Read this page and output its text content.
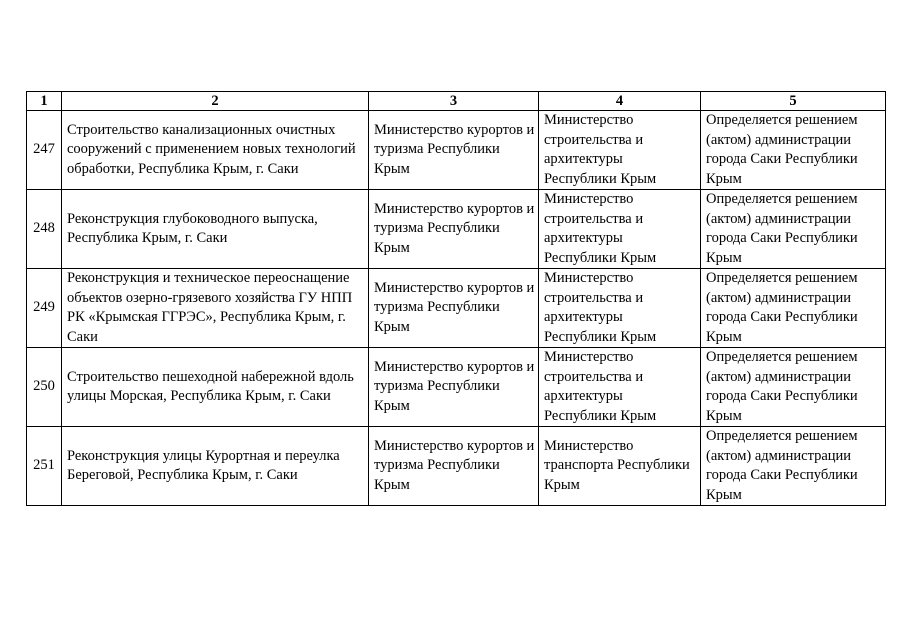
1	2	3	4	5
247	Строительство канализационных очистных сооружений с применением новых технологий обработки, Республика Крым, г. Саки	Министерство курортов и туризма Республики Крым	Министерство строительства и архитектуры Республики Крым	Определяется решением (актом) администрации города Саки Республики Крым
248	Реконструкция глубоководного выпуска, Республика Крым, г. Саки	Министерство курортов и туризма Республики Крым	Министерство строительства и архитектуры Республики Крым	Определяется решением (актом) администрации города Саки Республики Крым
249	Реконструкция и техническое переоснащение объектов озерно-грязевого хозяйства ГУ НПП РК «Крымская ГГРЭС», Республика Крым, г. Саки	Министерство курортов и туризма Республики Крым	Министерство строительства и архитектуры Республики Крым	Определяется решением (актом) администрации города Саки Республики Крым
250	Строительство пешеходной набережной вдоль улицы Морская, Республика Крым, г. Саки	Министерство курортов и туризма Республики Крым	Министерство строительства и архитектуры Республики Крым	Определяется решением (актом) администрации города Саки Республики Крым
251	Реконструкция улицы Курортная и переулка Береговой, Республика Крым, г. Саки	Министерство курортов и туризма Республики Крым	Министерство транспорта Республики Крым	Определяется решением (актом) администрации города Саки Республики Крым
